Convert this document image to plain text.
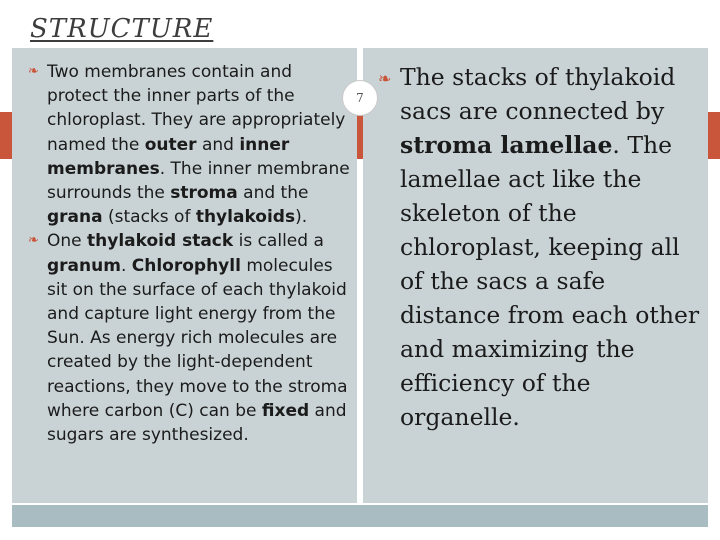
STRUCTURE
7

❧ Two membranes contain and protect the inner parts of the chloroplast. They are appropriately named the outer and inner membranes. The inner membrane surrounds the stroma and the grana (stacks of thylakoids).

❧ One thylakoid stack is called a granum. Chlorophyll molecules sit on the surface of each thylakoid and capture light energy from the Sun. As energy rich molecules are created by the light-dependent reactions, they move to the stroma where carbon (C) can be fixed and sugars are synthesized.

❧ The stacks of thylakoid sacs are connected by stroma lamellae. The lamellae act like the skeleton of the chloroplast, keeping all of the sacs a safe distance from each other and maximizing the efficiency of the organelle.
